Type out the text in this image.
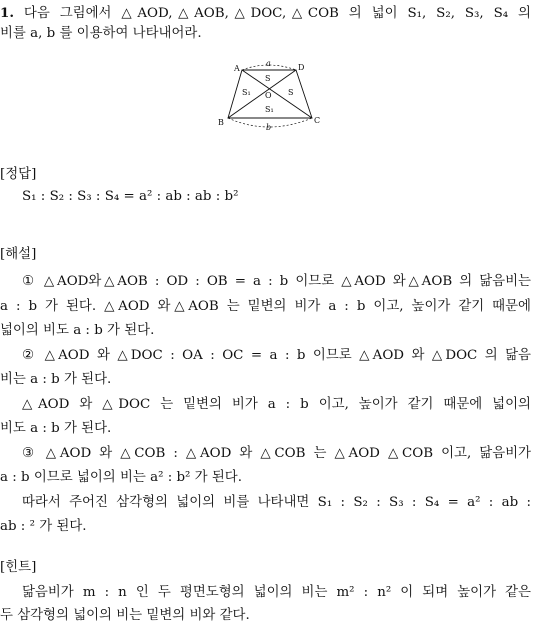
1. 다음 그림에서 △AOD,△AOB,△DOC,△COB 의 넓이 S₁, S₂, S₃, S₄ 의
비를 a, b 를 이용하여 나타내어라.
A	D
B	C
O
a
b
S
S₁	S
S₁
[정답]
S₁ : S₂ : S₃ : S₄ = a² : ab : ab : b²
[해설]
① △AOD와△AOB : OD : OB = a : b 이므로 △AOD 와△AOB 의 닮음비는
a : b 가 된다. △AOD 와△AOB 는 밑변의 비가 a : b 이고, 높이가 같기 때문에
넓이의 비도 a : b 가 된다.
② △AOD 와 △DOC : OA : OC = a : b 이므로 △AOD 와 △DOC 의 닮음
비는 a : b 가 된다.
△AOD 와 △DOC 는 밑변의 비가 a : b 이고, 높이가 같기 때문에 넓이의
비도 a : b 가 된다.
③ △AOD 와 △COB : △AOD 와 △COB 는 △AOD △COB 이고, 닮음비가
a : b 이므로 넓이의 비는 a² : b² 가 된다.
따라서 주어진 삼각형의 넓이의 비를 나타내면 S₁ : S₂ : S₃ : S₄ = a² : ab :
ab : ² 가 된다.
[힌트]
닮음비가 m : n 인 두 평면도형의 넓이의 비는 m² : n² 이 되며 높이가 같은
두 삼각형의 넓이의 비는 밑변의 비와 같다.
